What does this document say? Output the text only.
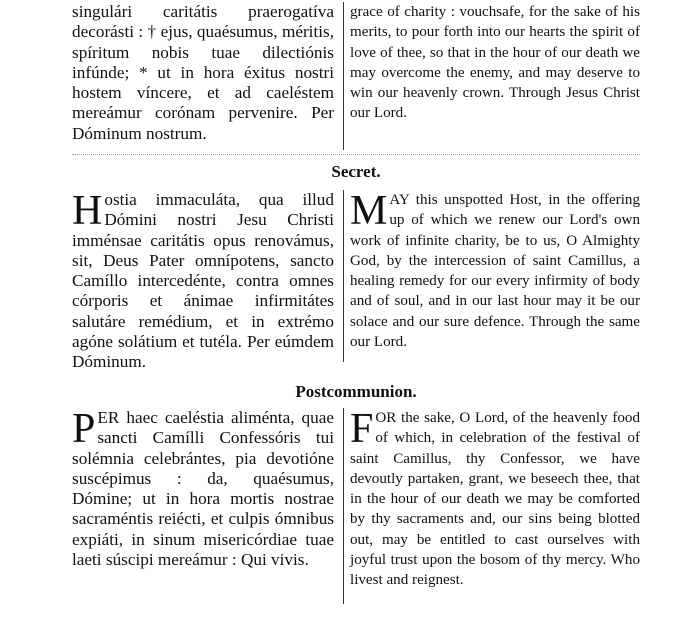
singulári caritátis praerogatíva decorásti : † ejus, quaésumus, méritis, spíritum nobis tuae dilectiónis infúnde; * ut in hora éxitus nostri hostem víncere, et ad caeléstem mereámur corónam pervenire. Per Dóminum nostrum.

grace of charity : vouchsafe, for the sake of his merits, to pour forth into our hearts the spirit of love of thee, so that in the hour of our death we may overcome the enemy, and may deserve to win our heavenly crown. Through Jesus Christ our Lord.

Secret.

Hostia immaculáta, qua illud Dómini nostri Jesu Christi imménsae caritátis opus renovámus, sit, Deus Pater omnípotens, sancto Camíllo intercedénte, contra omnes córporis et ánimae infirmitátes salutáre remédium, et in extrémo agóne solátium et tutéla. Per eúmdem Dóminum.

MAY this unspotted Host, in the offering up of which we renew our Lord's own work of infinite charity, be to us, O Almighty God, by the intercession of saint Camillus, a healing remedy for our every infirmity of body and of soul, and in our last hour may it be our solace and our sure defence. Through the same our Lord.

Postcommunion.

PER haec caeléstia aliménta, quae sancti Camílli Confessóris tui solémnia celebrántes, pia devotióne suscépimus : da, quaésumus, Dómine; ut in hora mortis nostrae sacraméntis reiécti, et culpis ómnibus expiáti, in sinum misericórdiae tuae laeti súscipi mereámur : Qui vivis.

FOR the sake, O Lord, of the heavenly food of which, in celebration of the festival of saint Camillus, thy Confessor, we have devoutly partaken, grant, we beseech thee, that in the hour of our death we may be comforted by thy sacraments and, our sins being blotted out, may be entitled to cast ourselves with joyful trust upon the bosom of thy mercy. Who livest and reignest.
